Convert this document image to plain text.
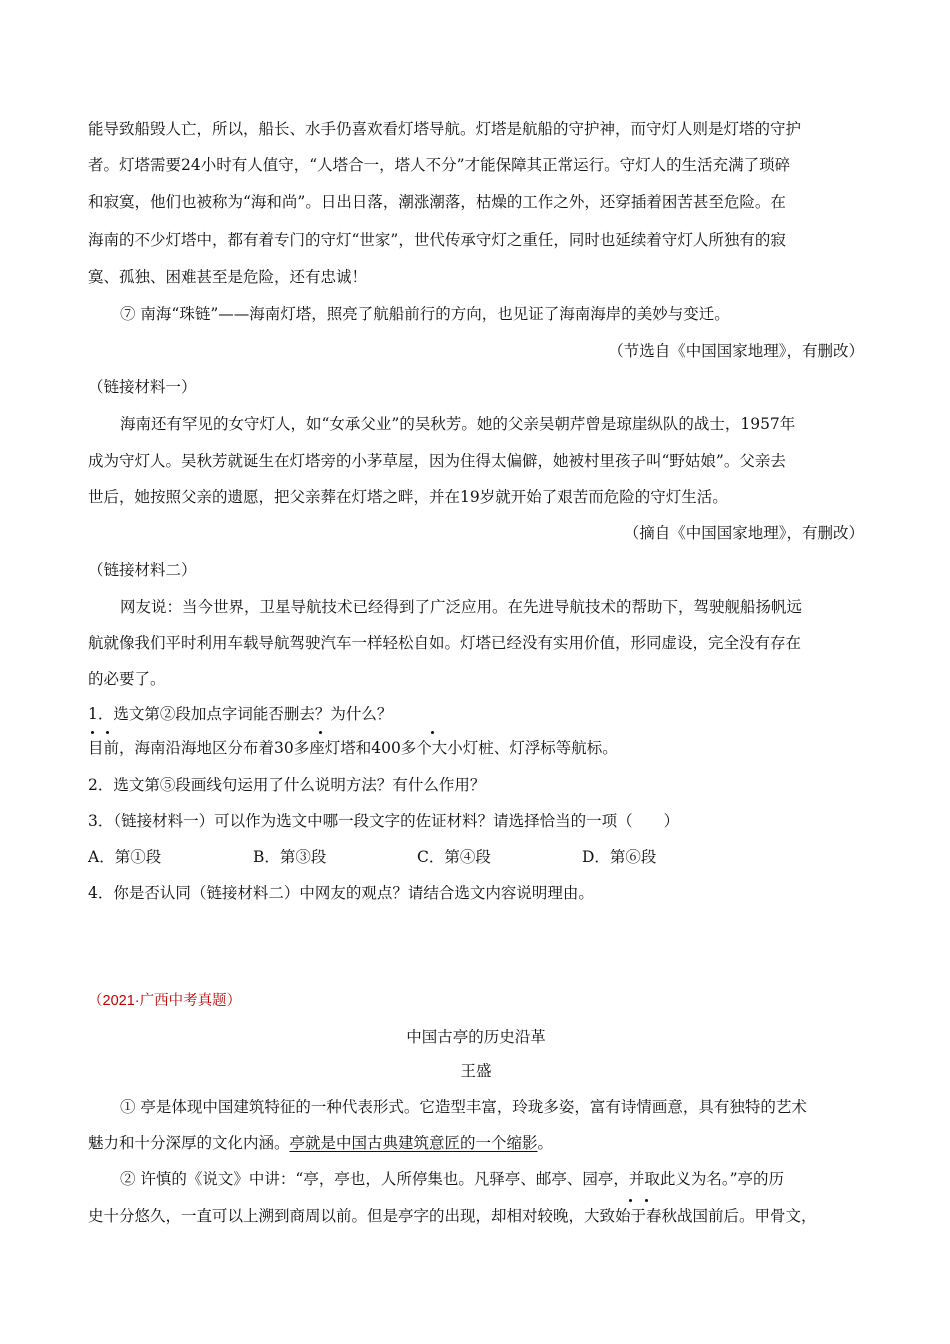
能导致船毁人亡，所以，船长、水手仍喜欢看灯塔导航。灯塔是航船的守护神，而守灯人则是灯塔的守护
者。灯塔需要24小时有人值守，“人塔合一，塔人不分”才能保障其正常运行。守灯人的生活充满了琐碎
和寂寞，他们也被称为“海和尚”。日出日落，潮涨潮落，枯燥的工作之外，还穿插着困苦甚至危险。在
海南的不少灯塔中，都有着专门的守灯“世家”，世代传承守灯之重任，同时也延续着守灯人所独有的寂
寞、孤独、困难甚至是危险，还有忠诚！
⑦ 南海“珠链”——海南灯塔，照亮了航船前行的方向，也见证了海南海岸的美妙与变迁。
（节选自《中国国家地理》，有删改）
（链接材料一）
海南还有罕见的女守灯人，如“女承父业”的吴秋芳。她的父亲吴朝芹曾是琼崖纵队的战士，1957年
成为守灯人。吴秋芳就诞生在灯塔旁的小茅草屋，因为住得太偏僻，她被村里孩子叫“野姑娘”。父亲去
世后，她按照父亲的遗愿，把父亲葬在灯塔之畔，并在19岁就开始了艰苦而危险的守灯生活。
（摘自《中国国家地理》，有删改）
（链接材料二）
网友说：当今世界，卫星导航技术已经得到了广泛应用。在先进导航技术的帮助下，驾驶舰船扬帆远
航就像我们平时利用车载导航驾驶汽车一样轻松自如。灯塔已经没有实用价值，形同虚设，完全没有存在
的必要了。
1．选文第②段加点字词能否删去？为什么？
目前，海南沿海地区分布着30多座灯塔和400多个大小灯桩、灯浮标等航标。
2．选文第⑤段画线句运用了什么说明方法？有什么作用？
3．（链接材料一）可以作为选文中哪一段文字的佐证材料？请选择恰当的一项（　　）
A．第①段	B．第③段	C．第④段	D．第⑥段
4．你是否认同（链接材料二）中网友的观点？请结合选文内容说明理由。
（2021·广西中考真题）
中国古亭的历史沿革
王盛
① 亭是体现中国建筑特征的一种代表形式。它造型丰富，玲珑多姿，富有诗情画意，具有独特的艺术
魅力和十分深厚的文化内涵。亭就是中国古典建筑意匠的一个缩影。
② 许慎的《说文》中讲：“亭，亭也，人所停集也。凡驿亭、邮亭、园亭，并取此义为名。”亭的历
史十分悠久，一直可以上溯到商周以前。但是亭字的出现，却相对较晚，大致始于春秋战国前后。甲骨文，
